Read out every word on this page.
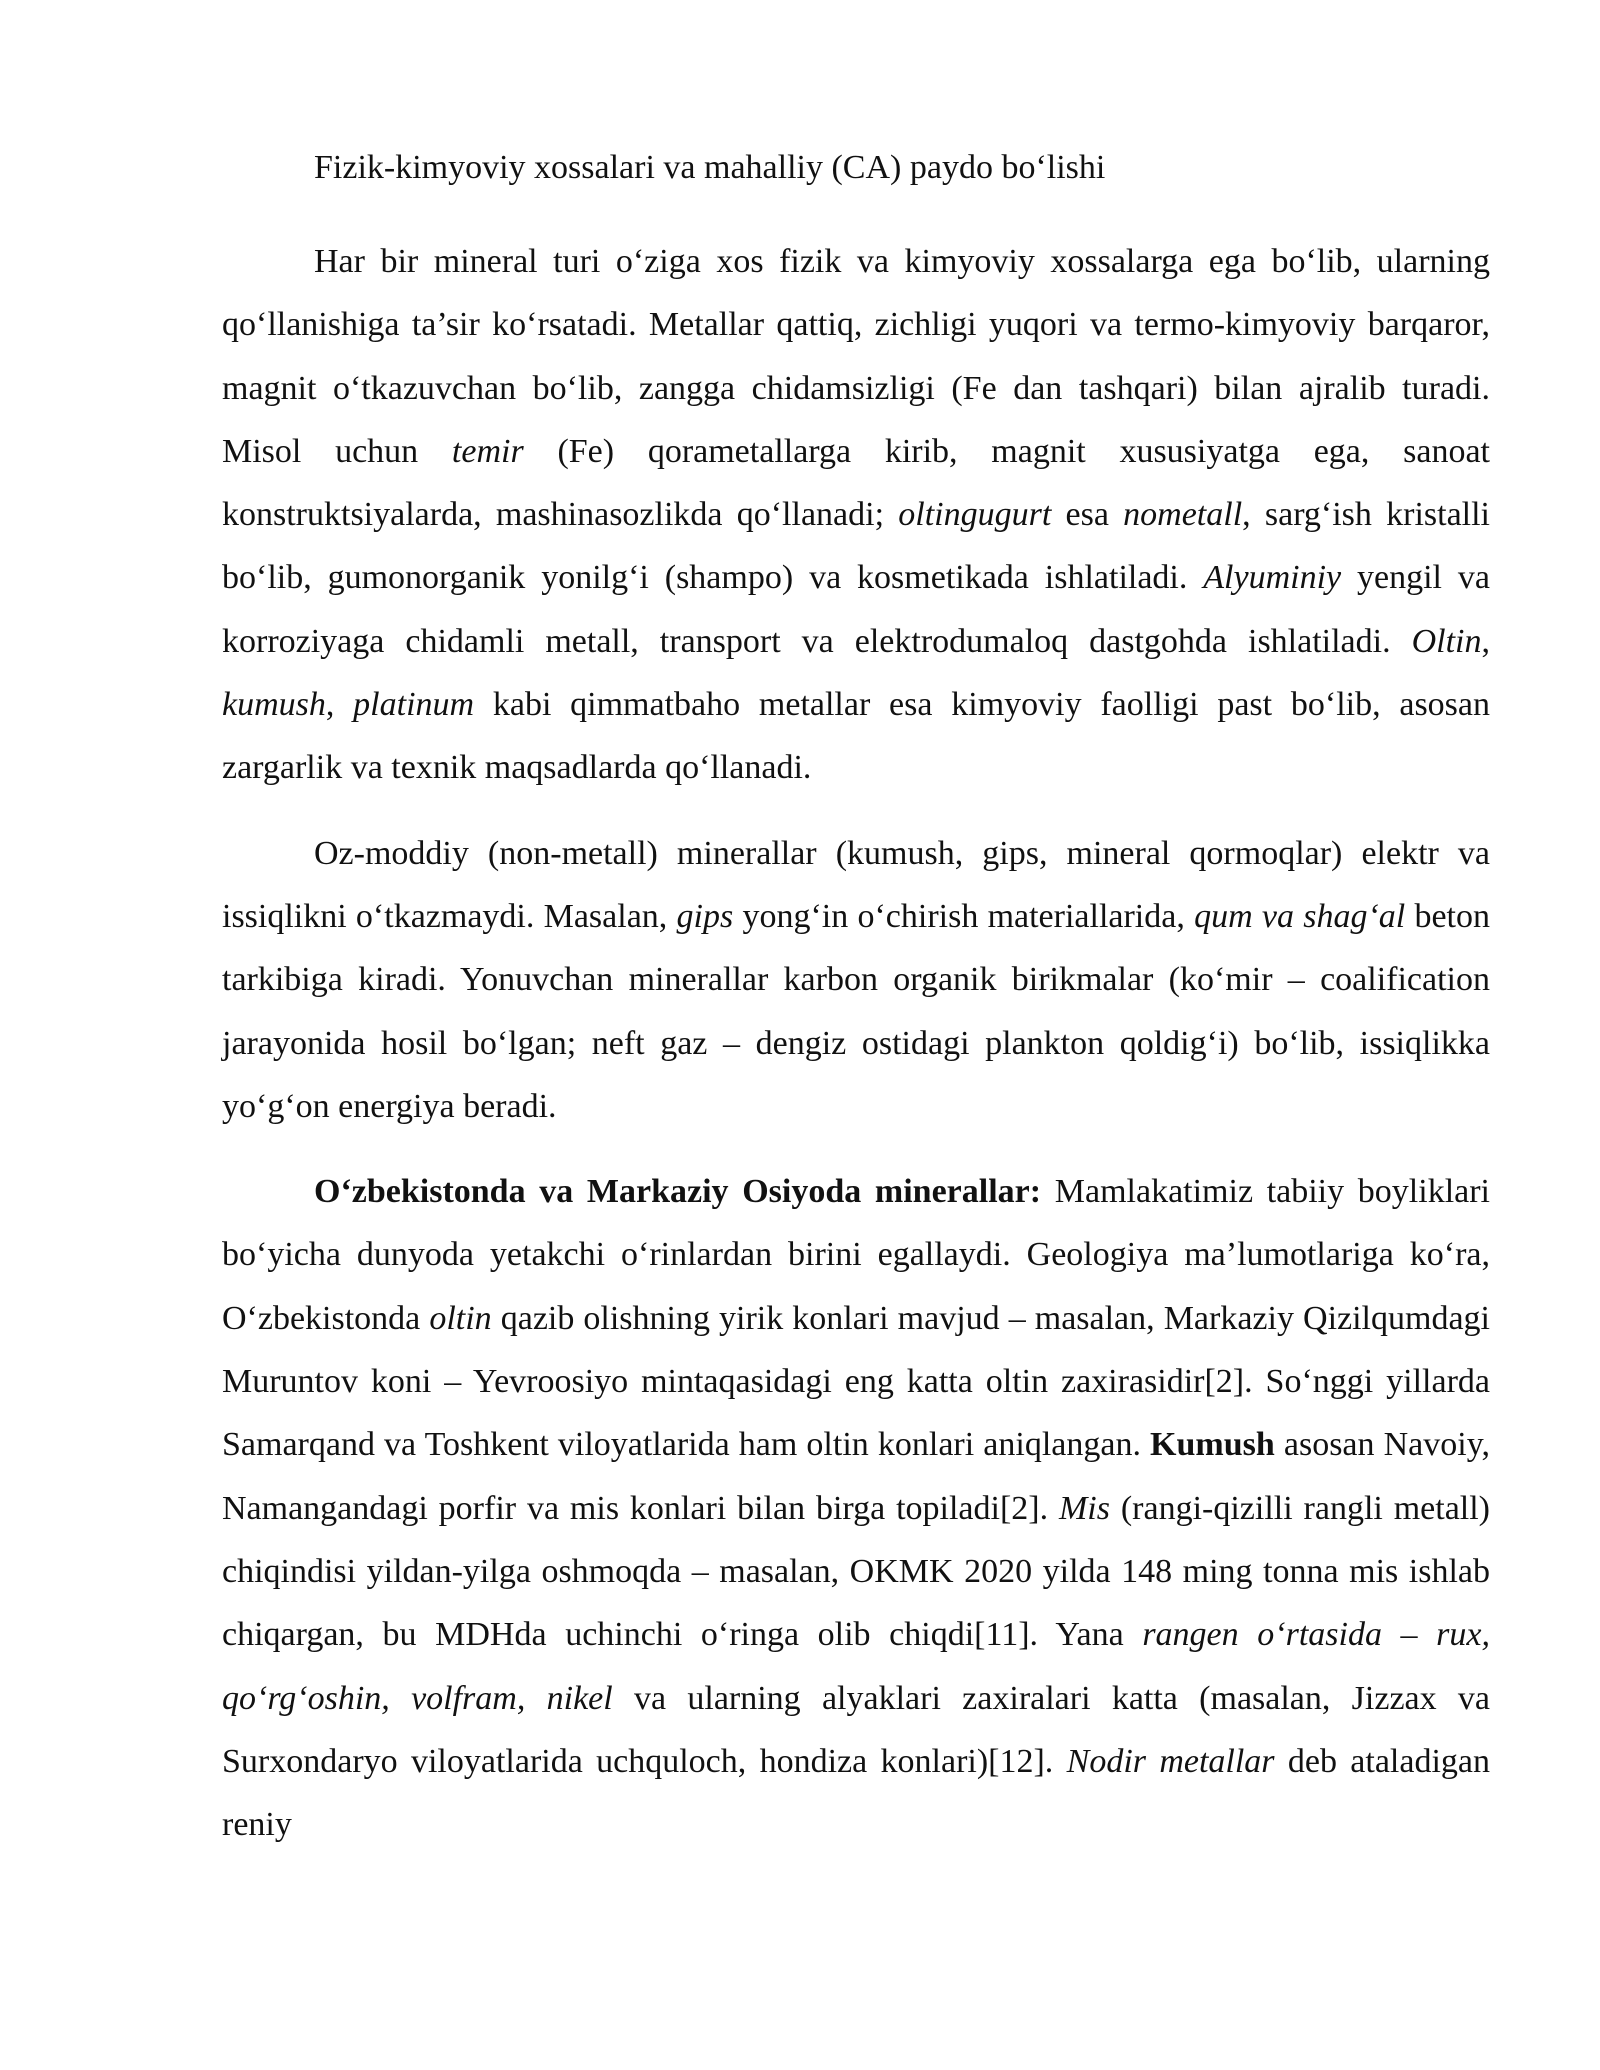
Fizik-kimyoviy xossalari va mahalliy (CA) paydo bo‘lishi

Har bir mineral turi o‘ziga xos fizik va kimyoviy xossalarga ega bo‘lib, ularning qo‘llanishiga ta’sir ko‘rsatadi. Metallar qattiq, zichligi yuqori va termo-kimyoviy barqaror, magnit o‘tkazuvchan bo‘lib, zangga chidamsizligi (Fe dan tashqari) bilan ajralib turadi. Misol uchun temir (Fe) qorametallarga kirib, magnit xususiyatga ega, sanoat konstruktsiyalarda, mashinasozlikda qo‘llanadi; oltingugurt esa nometall, sarg‘ish kristalli bo‘lib, gumonorganik yonilg‘i (shampo) va kosmetikada ishlatiladi. Alyuminiy yengil va korroziyaga chidamli metall, transport va elektrodumaloq dastgohda ishlatiladi. Oltin, kumush, platinum kabi qimmatbaho metallar esa kimyoviy faolligi past bo‘lib, asosan zargarlik va texnik maqsadlarda qo‘llanadi.

Oz-moddiy (non-metall) minerallar (kumush, gips, mineral qormoqlar) elektr va issiqlikni o‘tkazmaydi. Masalan, gips yong‘in o‘chirish materiallarida, qum va shag‘al beton tarkibiga kiradi. Yonuvchan minerallar karbon organik birikmalar (ko‘mir – coalification jarayonida hosil bo‘lgan; neft gaz – dengiz ostidagi plankton qoldig‘i) bo‘lib, issiqlikka yo‘g‘on energiya beradi.

O‘zbekistonda va Markaziy Osiyoda minerallar: Mamlakatimiz tabiiy boyliklari bo‘yicha dunyoda yetakchi o‘rinlardan birini egallaydi. Geologiya ma’lumotlariga ko‘ra, O‘zbekistonda oltin qazib olishning yirik konlari mavjud – masalan, Markaziy Qizilqumdagi Muruntov koni – Yevroosiyo mintaqasidagi eng katta oltin zaxirasidir[2]. So‘nggi yillarda Samarqand va Toshkent viloyatlarida ham oltin konlari aniqlangan. Kumush asosan Navoiy, Namangandagi porfir va mis konlari bilan birga topiladi[2]. Mis (rangi-qizilli rangli metall) chiqindisi yildan-yilga oshmoqda – masalan, OKMK 2020 yilda 148 ming tonna mis ishlab chiqargan, bu MDHda uchinchi o‘ringa olib chiqdi[11]. Yana rangen o‘rtasida – rux, qo‘rg‘oshin, volfram, nikel va ularning alyaklari zaxiralari katta (masalan, Jizzax va Surxondaryo viloyatlarida uchquloch, hondiza konlari)[12]. Nodir metallar deb ataladigan reniy
